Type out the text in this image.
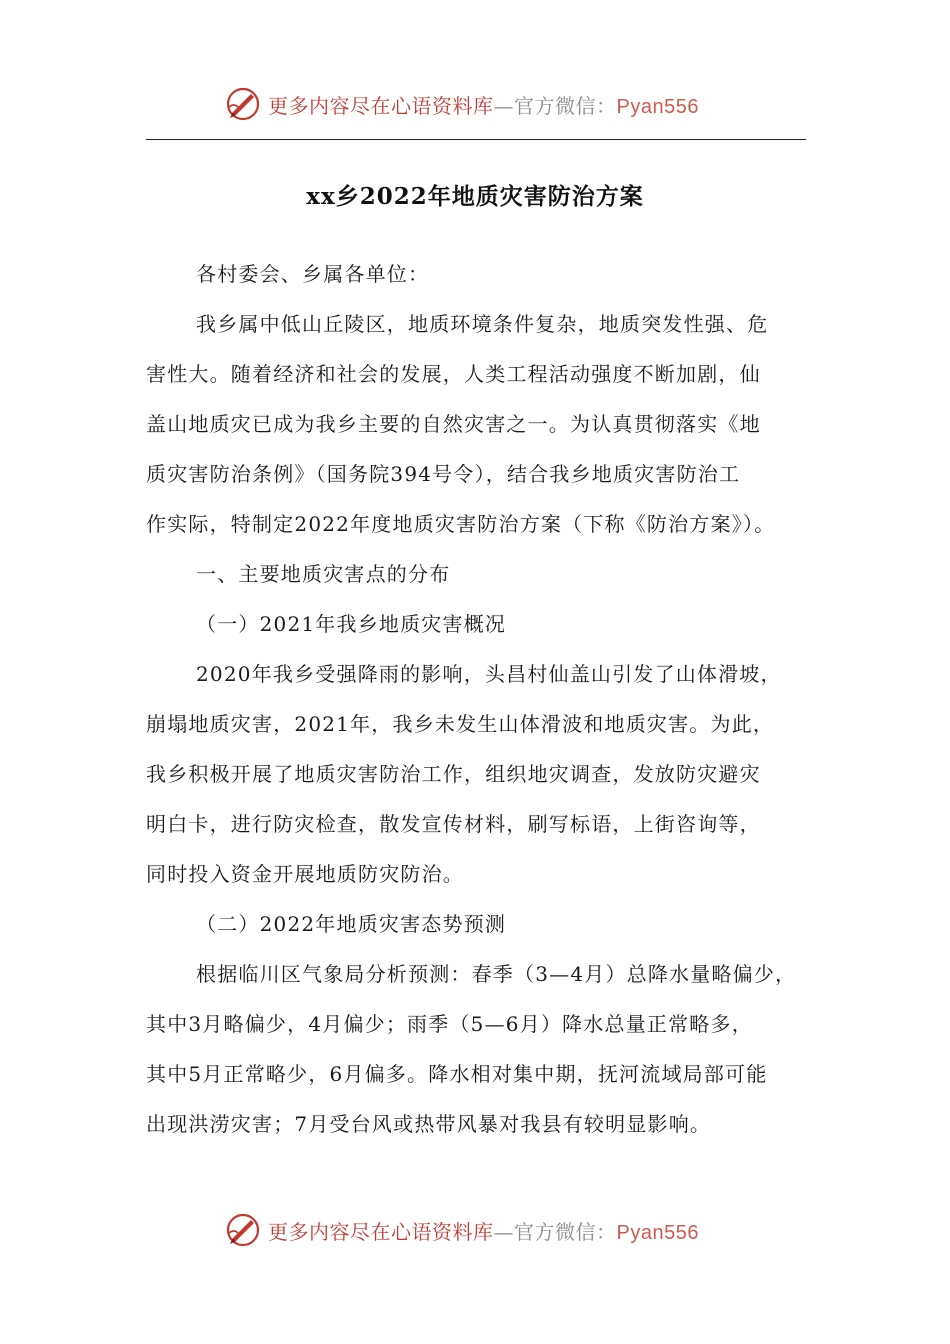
更多内容尽在心语资料库—官方微信：Pyan556
xx乡2022年地质灾害防治方案
各村委会、乡属各单位：
我乡属中低山丘陵区，地质环境条件复杂，地质突发性强、危
害性大。随着经济和社会的发展，人类工程活动强度不断加剧，仙
盖山地质灾已成为我乡主要的自然灾害之一。为认真贯彻落实《地
质灾害防治条例》（国务院394号令），结合我乡地质灾害防治工
作实际，特制定2022年度地质灾害防治方案（下称《防治方案》）。
一、主要地质灾害点的分布
（一）2021年我乡地质灾害概况
2020年我乡受强降雨的影响，头昌村仙盖山引发了山体滑坡，
崩塌地质灾害，2021年，我乡未发生山体滑波和地质灾害。为此，
我乡积极开展了地质灾害防治工作，组织地灾调查，发放防灾避灾
明白卡，进行防灾检查，散发宣传材料，刷写标语，上街咨询等，
同时投入资金开展地质防灾防治。
（二）2022年地质灾害态势预测
根据临川区气象局分析预测：春季（3—4月）总降水量略偏少，
其中3月略偏少，4月偏少；雨季（5—6月）降水总量正常略多，
其中5月正常略少，6月偏多。降水相对集中期，抚河流域局部可能
出现洪涝灾害；7月受台风或热带风暴对我县有较明显影响。
更多内容尽在心语资料库—官方微信：Pyan556
